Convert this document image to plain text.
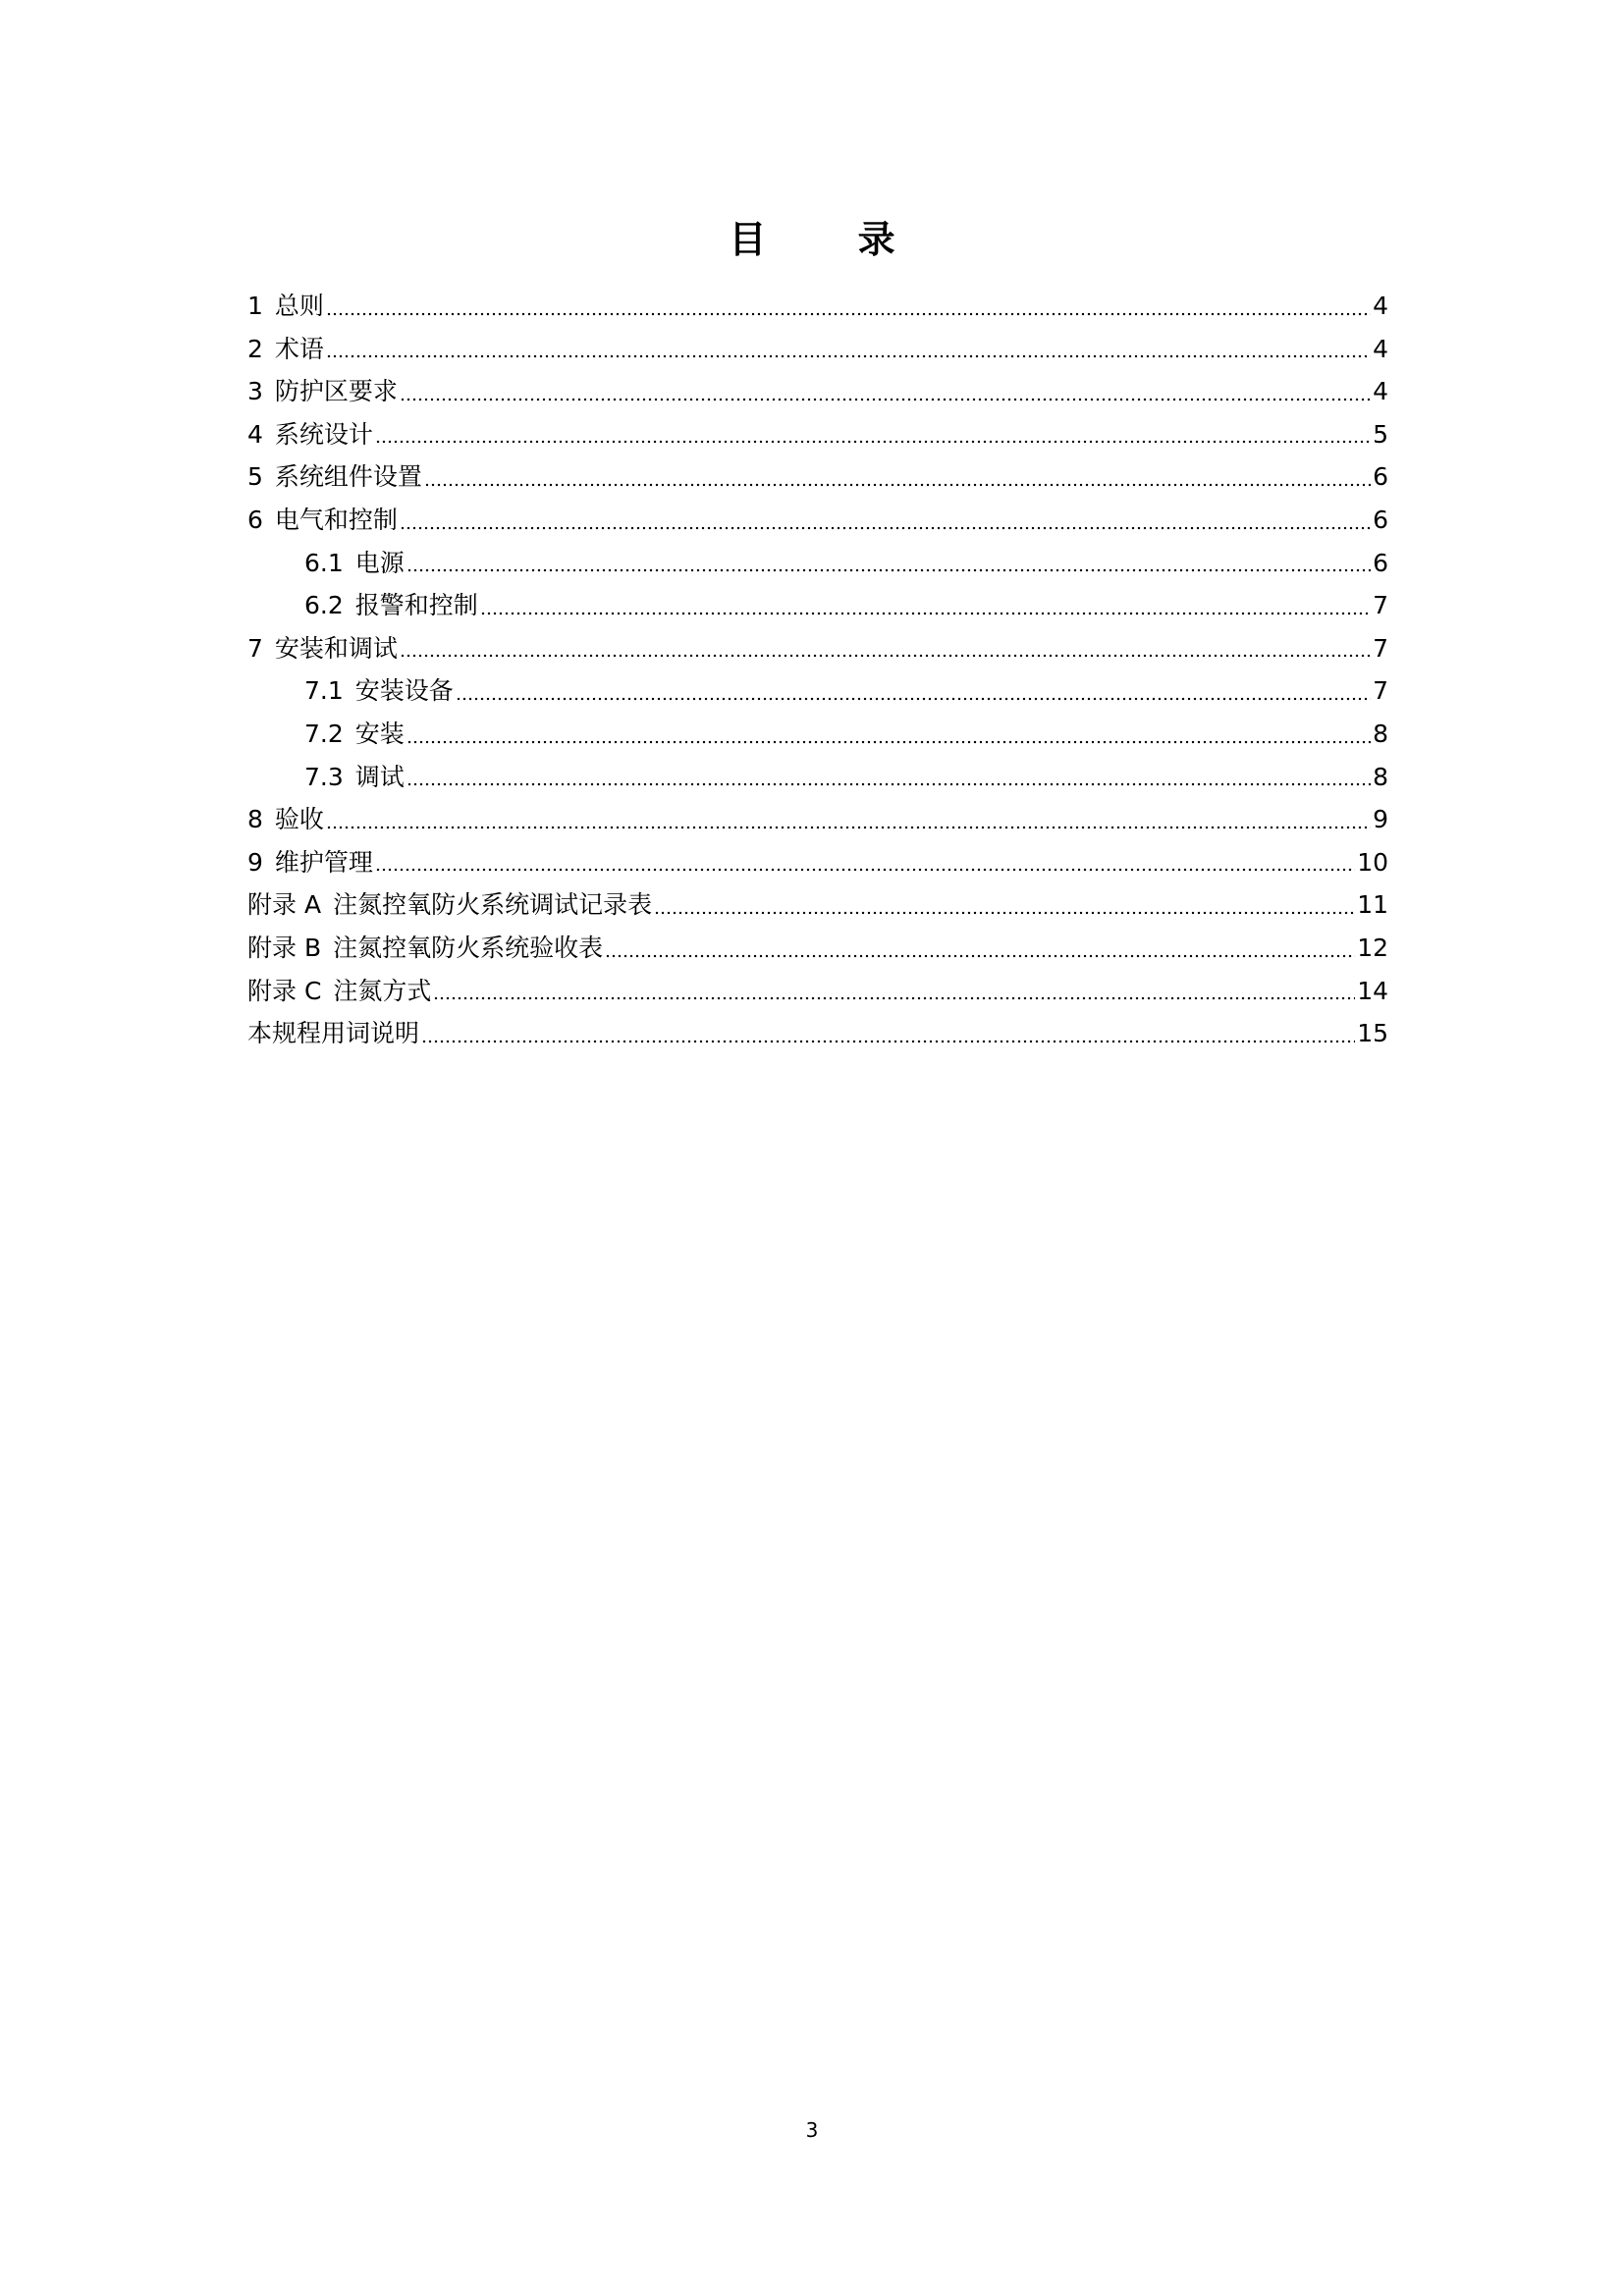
目 录
1 总则	4
2 术语	4
3 防护区要求	4
4 系统设计	5
5 系统组件设置	6
6 电气和控制	6
6.1 电源	6
6.2 报警和控制	7
7 安装和调试	7
7.1 安装设备	7
7.2 安装	8
7.3 调试	8
8 验收	9
9 维护管理	10
附录 A 注氮控氧防火系统调试记录表	11
附录 B 注氮控氧防火系统验收表	12
附录 C 注氮方式	14
本规程用词说明	15
3
